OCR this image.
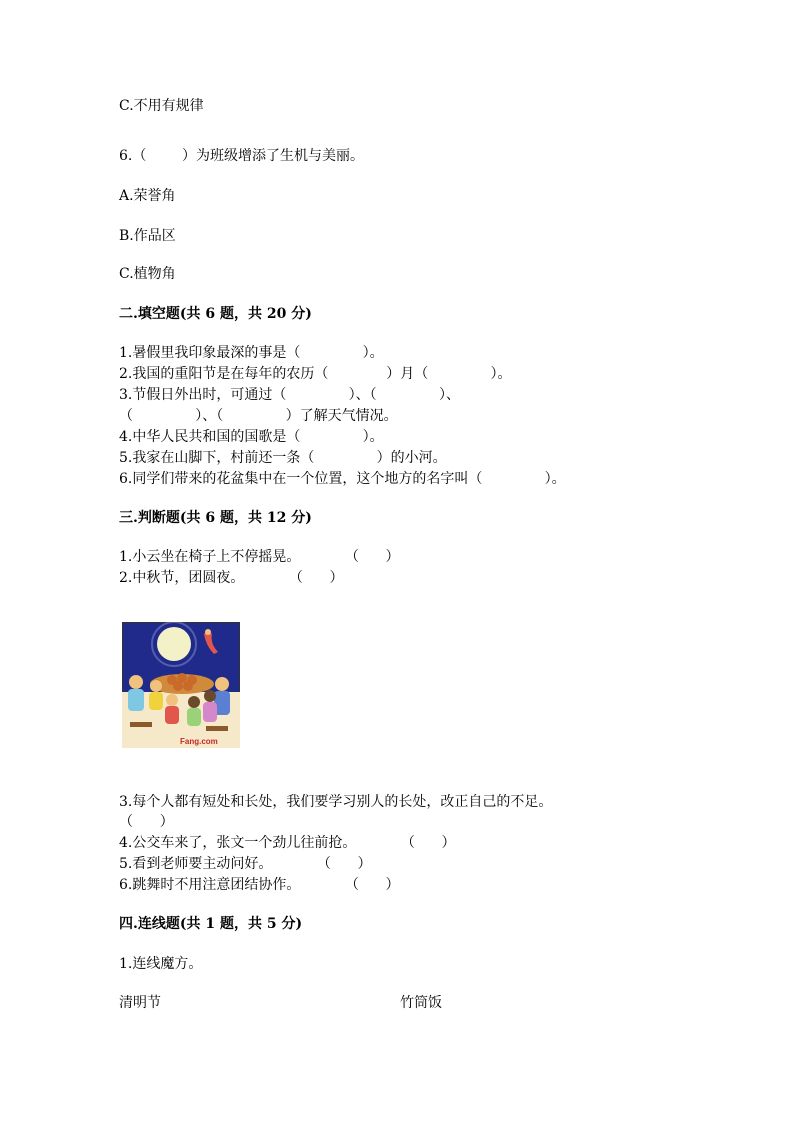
C.不用有规律
6.（        ）为班级增添了生机与美丽。
A.荣誉角
B.作品区
C.植物角
二.填空题(共 6 题，共 20 分)
1.暑假里我印象最深的事是（              ）。
2.我国的重阳节是在每年的农历（             ）月（              ）。
3.节假日外出时，可通过（              ）、（              ）、
（              ）、（              ）了解天气情况。
4.中华人民共和国的国歌是（              ）。
5.我家在山脚下，村前还一条（              ）的小河。
6.同学们带来的花盆集中在一个位置，这个地方的名字叫（              ）。
三.判断题(共 6 题，共 12 分)
1.小云坐在椅子上不停摇晃。          （      ）
2.中秋节，团圆夜。          （      ）
Fang.com
3.每个人都有短处和长处，我们要学习别人的长处，改正自己的不足。
（      ）
4.公交车来了，张文一个劲儿往前抢。          （      ）
5.看到老师要主动问好。          （      ）
6.跳舞时不用注意团结协作。          （      ）
四.连线题(共 1 题，共 5 分)
1.连线魔方。
清明节	竹筒饭
